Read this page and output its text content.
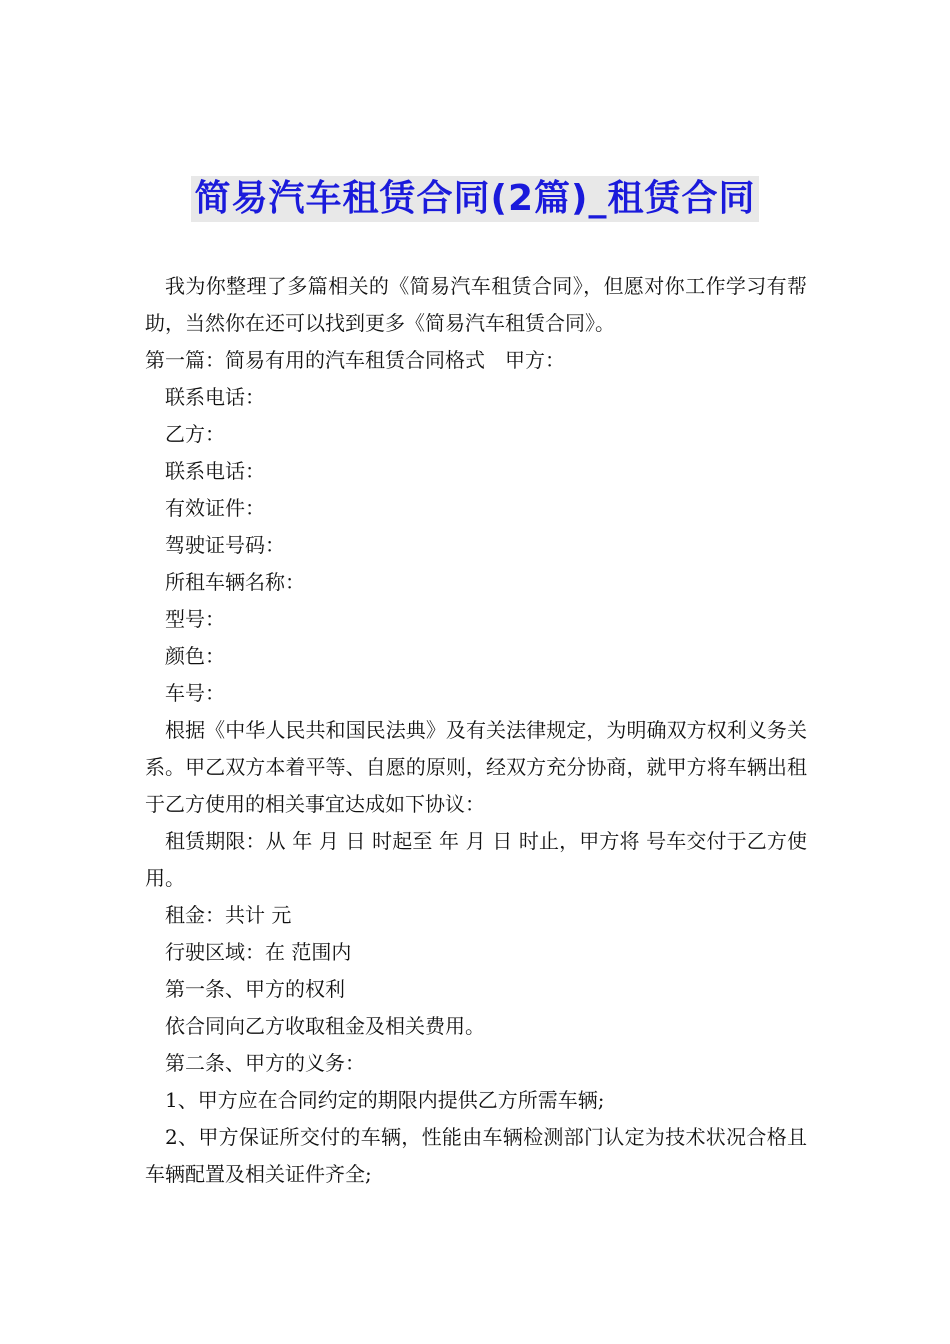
简易汽车租赁合同(2篇)_租赁合同

我为你整理了多篇相关的《简易汽车租赁合同》，但愿对你工作学习有帮助，当然你在还可以找到更多《简易汽车租赁合同》。

第一篇：简易有用的汽车租赁合同格式　甲方：

联系电话：

乙方：

联系电话：

有效证件：

驾驶证号码：

所租车辆名称：

型号：

颜色：

车号：

根据《中华人民共和国民法典》及有关法律规定，为明确双方权利义务关系。甲乙双方本着平等、自愿的原则，经双方充分协商，就甲方将车辆出租于乙方使用的相关事宜达成如下协议：

租赁期限：从 年 月 日 时起至 年 月 日 时止，甲方将 号车交付于乙方使用。

租金：共计 元

行驶区域：在 范围内

第一条、甲方的权利

依合同向乙方收取租金及相关费用。

第二条、甲方的义务：

1、甲方应在合同约定的期限内提供乙方所需车辆;

2、甲方保证所交付的车辆，性能由车辆检测部门认定为技术状况合格且车辆配置及相关证件齐全;
